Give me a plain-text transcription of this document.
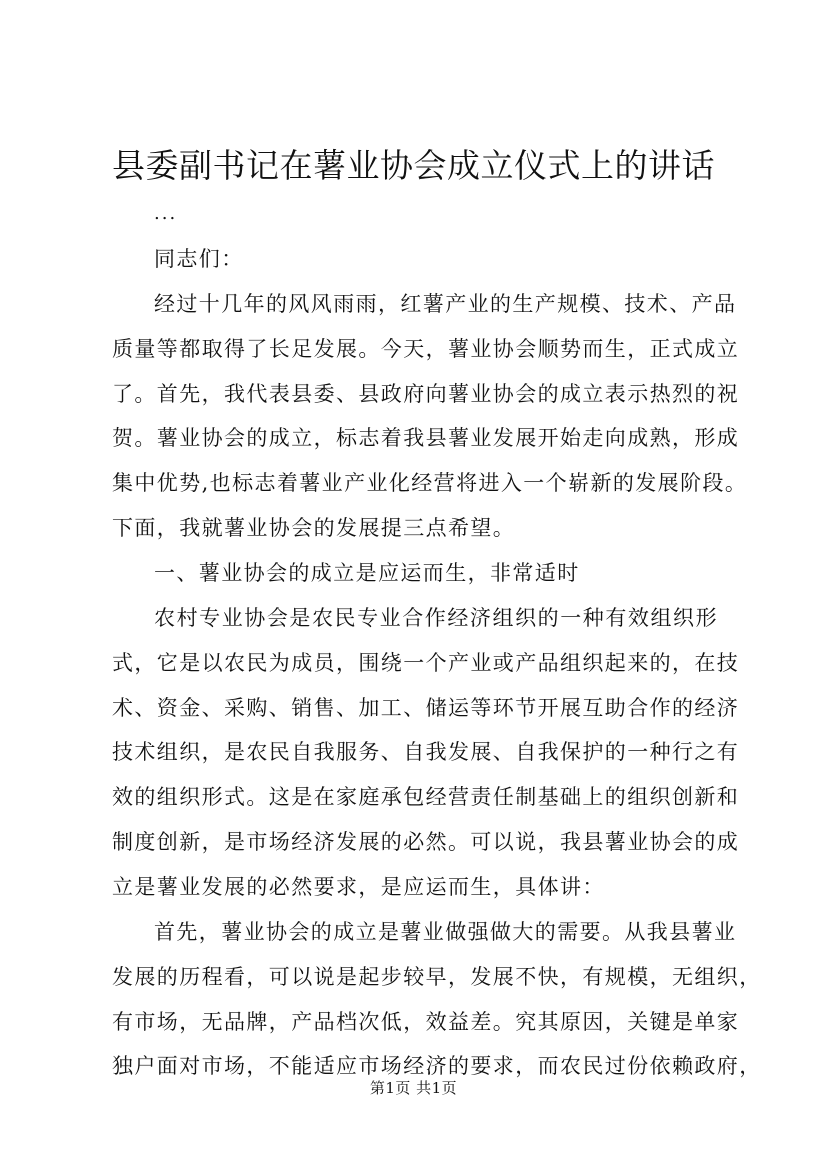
县委副书记在薯业协会成立仪式上的讲话
...
同志们：
经过十几年的风风雨雨，红薯产业的生产规模、技术、产品
质量等都取得了长足发展。今天，薯业协会顺势而生，正式成立
了。首先，我代表县委、县政府向薯业协会的成立表示热烈的祝
贺。薯业协会的成立，标志着我县薯业发展开始走向成熟，形成
集中优势,也标志着薯业产业化经营将进入一个崭新的发展阶段。
下面，我就薯业协会的发展提三点希望。
一、薯业协会的成立是应运而生，非常适时
农村专业协会是农民专业合作经济组织的一种有效组织形
式，它是以农民为成员，围绕一个产业或产品组织起来的，在技
术、资金、采购、销售、加工、储运等环节开展互助合作的经济
技术组织，是农民自我服务、自我发展、自我保护的一种行之有
效的组织形式。这是在家庭承包经营责任制基础上的组织创新和
制度创新，是市场经济发展的必然。可以说，我县薯业协会的成
立是薯业发展的必然要求，是应运而生，具体讲：
首先，薯业协会的成立是薯业做强做大的需要。从我县薯业
发展的历程看，可以说是起步较早，发展不快，有规模，无组织，
有市场，无品牌，产品档次低，效益差。究其原因，关键是单家
独户面对市场，不能适应市场经济的要求，而农民过份依赖政府，
第1页 共1页
